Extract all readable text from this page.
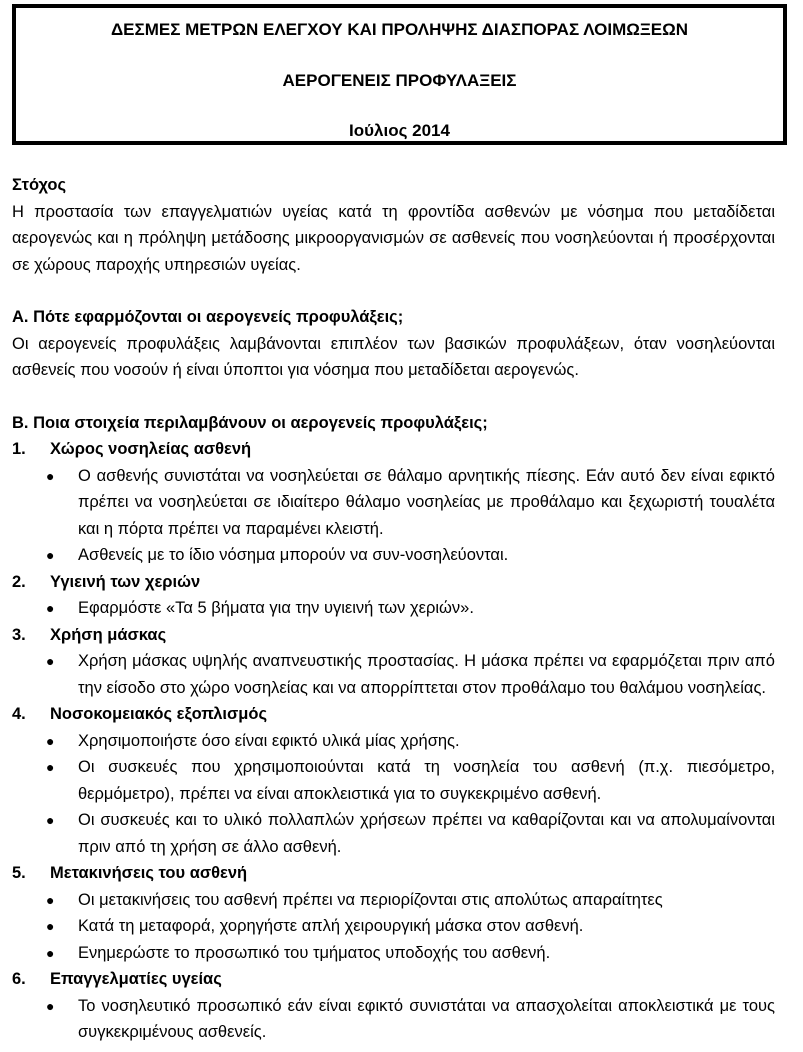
ΔΕΣΜΕΣ ΜΕΤΡΩΝ ΕΛΕΓΧΟΥ ΚΑΙ ΠΡΟΛΗΨΗΣ ΔΙΑΣΠΟΡΑΣ ΛΟΙΜΩΞΕΩΝ
ΑΕΡΟΓΕΝΕΙΣ ΠΡΟΦΥΛΑΞΕΙΣ
Ιούλιος 2014

Στόχος

Η προστασία των επαγγελματιών υγείας κατά τη φροντίδα ασθενών με νόσημα που μεταδίδεται αερογενώς και η πρόληψη μετάδοσης μικροοργανισμών σε ασθενείς που νοσηλεύονται ή προσέρχονται σε χώρους παροχής υπηρεσιών υγείας.

Α. Πότε εφαρμόζονται οι αερογενείς προφυλάξεις;

Οι αερογενείς προφυλάξεις λαμβάνονται επιπλέον των βασικών προφυλάξεων, όταν νοσηλεύονται ασθενείς που νοσούν ή είναι ύποπτοι για νόσημα που μεταδίδεται αερογενώς.

Β. Ποια στοιχεία περιλαμβάνουν οι αερογενείς προφυλάξεις;

1.	Χώρος νοσηλείας ασθενή
● Ο ασθενής συνιστάται να νοσηλεύεται σε θάλαμο αρνητικής πίεσης. Εάν αυτό δεν είναι εφικτό πρέπει να νοσηλεύεται σε ιδιαίτερο θάλαμο νοσηλείας με προθάλαμο και ξεχωριστή τουαλέτα και η πόρτα πρέπει να παραμένει κλειστή.
● Ασθενείς με το ίδιο νόσημα μπορούν να συν-νοσηλεύονται.
2.	Υγιεινή των χεριών
● Εφαρμόστε «Τα 5 βήματα για την υγιεινή των χεριών».
3.	Χρήση μάσκας
● Χρήση μάσκας υψηλής αναπνευστικής προστασίας. Η μάσκα πρέπει να εφαρμόζεται πριν από την είσοδο στο χώρο νοσηλείας και να απορρίπτεται στον προθάλαμο του θαλάμου νοσηλείας.
4.	Νοσοκομειακός εξοπλισμός
● Χρησιμοποιήστε όσο είναι εφικτό υλικά μίας χρήσης.
● Οι συσκευές που χρησιμοποιούνται κατά τη νοσηλεία του ασθενή (π.χ. πιεσόμετρο, θερμόμετρο), πρέπει να είναι αποκλειστικά για το συγκεκριμένο ασθενή.
● Οι συσκευές και το υλικό πολλαπλών χρήσεων πρέπει να καθαρίζονται και να απολυμαίνονται πριν από τη χρήση σε άλλο ασθενή.
5.	Μετακινήσεις του ασθενή
● Οι μετακινήσεις του ασθενή πρέπει να περιορίζονται στις απολύτως απαραίτητες
● Κατά τη μεταφορά, χορηγήστε απλή χειρουργική μάσκα στον ασθενή.
● Ενημερώστε το προσωπικό του τμήματος υποδοχής του ασθενή.
6.	Επαγγελματίες υγείας
● Το νοσηλευτικό προσωπικό εάν είναι εφικτό συνιστάται να απασχολείται αποκλειστικά με τους συγκεκριμένους ασθενείς.
